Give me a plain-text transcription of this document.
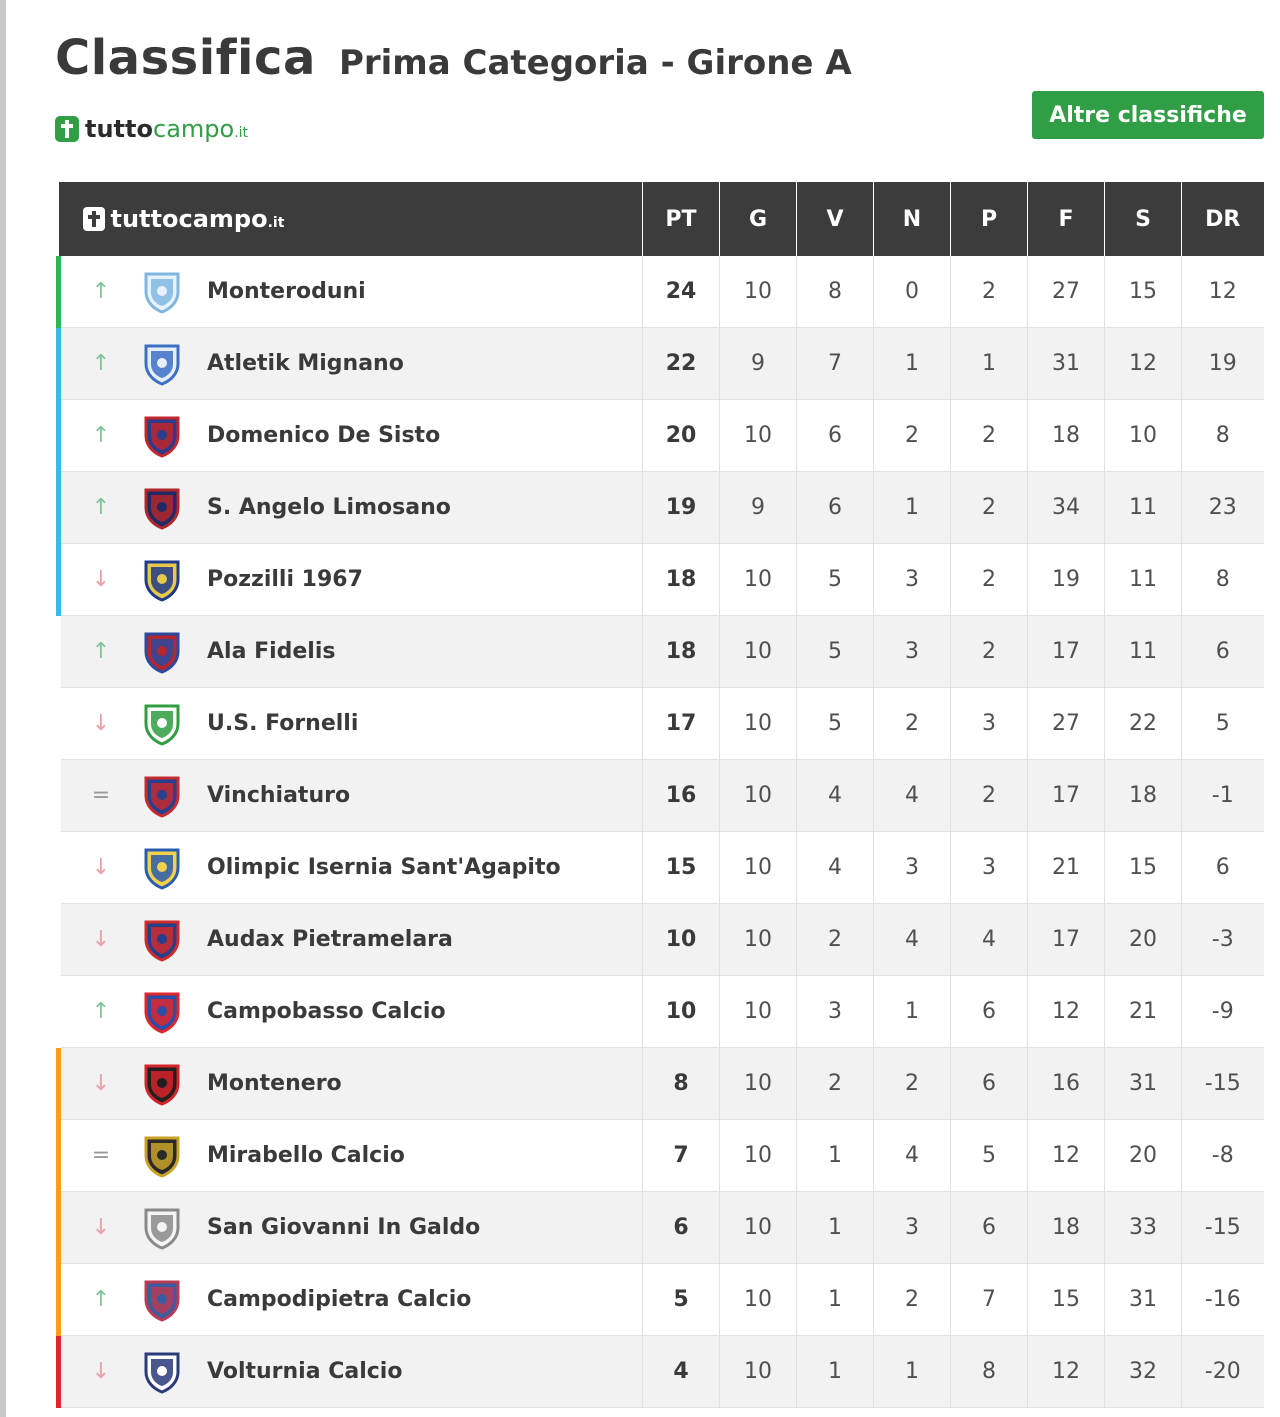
Classifica Prima Categoria - Girone A
tuttocampo.it
Altre classifiche
tuttocampo.it	PT	G	V	N	P	F	S	DR

↑ Monteroduni	24	10	8	0	2	27	15	12

↑ Atletik Mignano	22	9	7	1	1	31	12	19

↑ Domenico De Sisto	20	10	6	2	2	18	10	8

↑ S. Angelo Limosano	19	9	6	1	2	34	11	23

↓ Pozzilli 1967	18	10	5	3	2	19	11	8

↑ Ala Fidelis	18	10	5	3	2	17	11	6

↓ U.S. Fornelli	17	10	5	2	3	27	22	5

= Vinchiaturo	16	10	4	4	2	17	18	-1

↓ Olimpic Isernia Sant'Agapito	15	10	4	3	3	21	15	6

↓ Audax Pietramelara	10	10	2	4	4	17	20	-3

↑ Campobasso Calcio	10	10	3	1	6	12	21	-9

↓ Montenero	8	10	2	2	6	16	31	-15

= Mirabello Calcio	7	10	1	4	5	12	20	-8

↓ San Giovanni In Galdo	6	10	1	3	6	18	33	-15

↑ Campodipietra Calcio	5	10	1	2	7	15	31	-16

↓ Volturnia Calcio	4	10	1	1	8	12	32	-20
